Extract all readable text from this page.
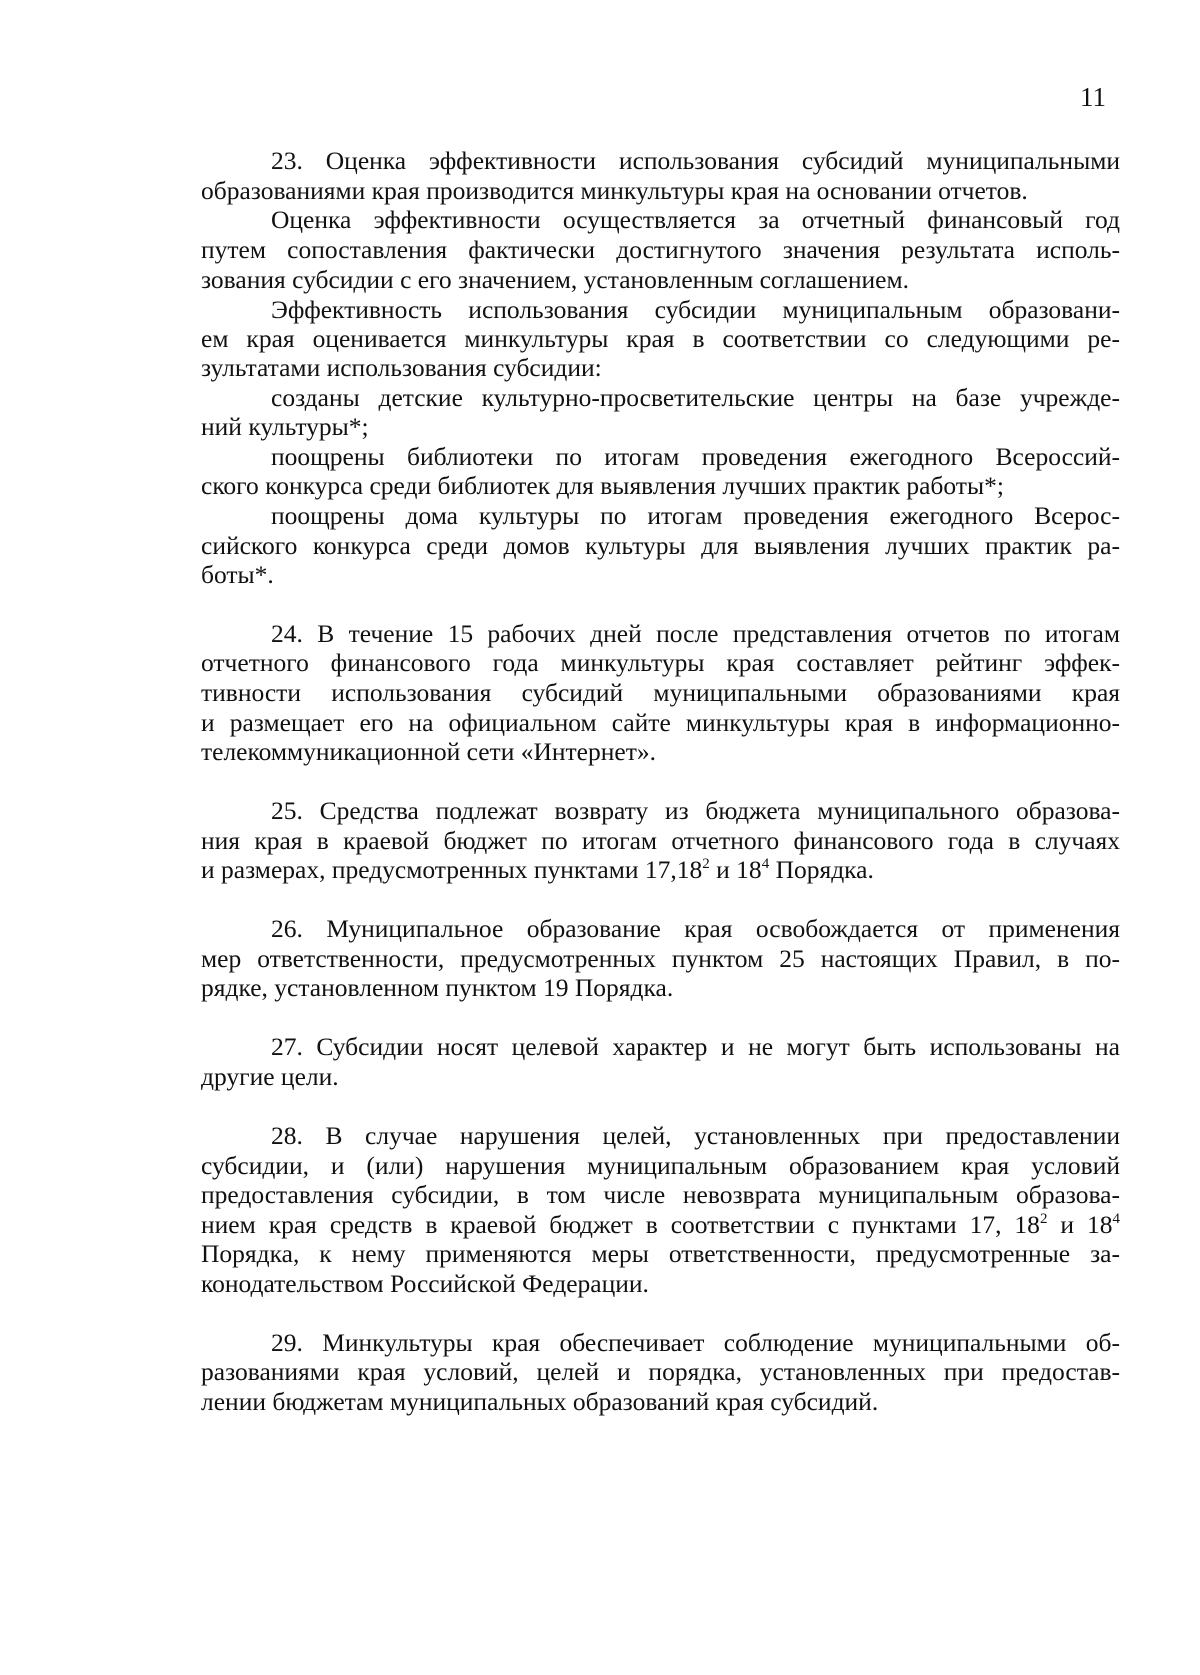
11
23. Оценка эффективности использования субсидий муниципальными
образованиями края производится минкультуры края на основании отчетов.
Оценка эффективности осуществляется за отчетный финансовый год
путем сопоставления фактически достигнутого значения результата исполь-
зования субсидии с его значением, установленным соглашением.
Эффективность использования субсидии муниципальным образовани-
ем края оценивается минкультуры края в соответствии со следующими ре-
зультатами использования субсидии:
созданы детские культурно-просветительские центры на базе учрежде-
ний культуры*;
поощрены библиотеки по итогам проведения ежегодного Всероссий-
ского конкурса среди библиотек для выявления лучших практик работы*;
поощрены дома культуры по итогам проведения ежегодного Всерос-
сийского конкурса среди домов культуры для выявления лучших практик ра-
боты*.
24. В течение 15 рабочих дней после представления отчетов по итогам
отчетного финансового года минкультуры края составляет рейтинг эффек-
тивности использования субсидий муниципальными образованиями края
и размещает его на официальном сайте минкультуры края в информационно-
телекоммуникационной сети «Интернет».
25. Средства подлежат возврату из бюджета муниципального образова-
ния края в краевой бюджет по итогам отчетного финансового года в случаях
и размерах, предусмотренных пунктами 17,18$^2$ и $18^4$ Порядка.
26. Муниципальное образование края освобождается от применения
мер ответственности, предусмотренных пунктом 25 настоящих Правил, в по-
рядке, установленном пунктом 19 Порядка.
27. Субсидии носят целевой характер и не могут быть использованы на
другие цели.
28. В случае нарушения целей, установленных при предоставлении
субсидии, и (или) нарушения муниципальным образованием края условий
предоставления субсидии, в том числе невозврата муниципальным образова-
нием края средств в краевой бюджет в соответствии с пунктами 17, $18^2$ и $18^4$
Порядка, к нему применяются меры ответственности, предусмотренные за-
конодательством Российской Федерации.
29. Минкультуры края обеспечивает соблюдение муниципальными об-
разованиями края условий, целей и порядка, установленных при предостав-
лении бюджетам муниципальных образований края субсидий.
